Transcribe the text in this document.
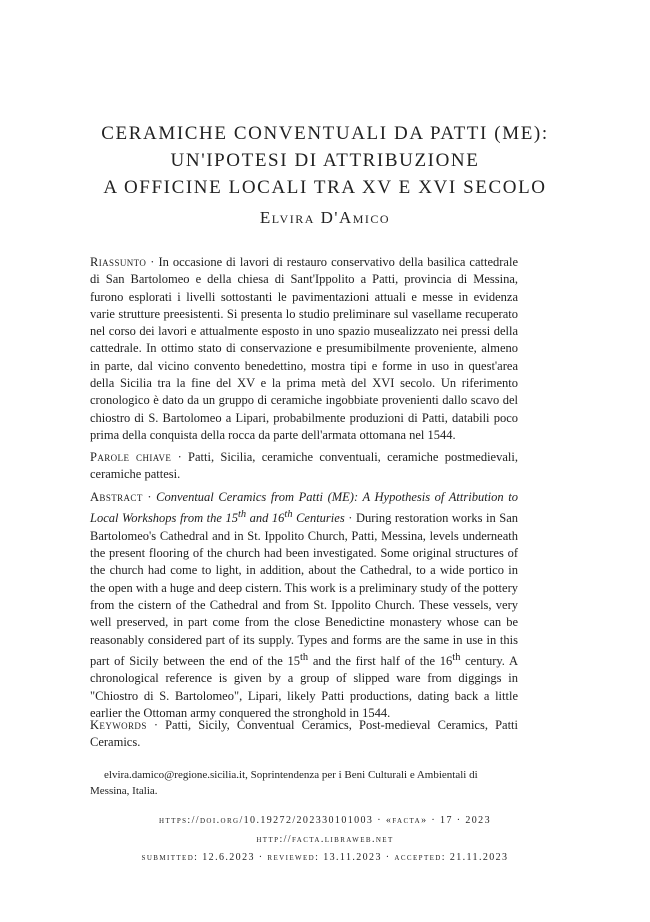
CERAMICHE CONVENTUALI DA PATTI (ME):
UN'IPOTESI DI ATTRIBUZIONE
A OFFICINE LOCALI TRA XV E XVI SECOLO

Elvira D'Amico

Riassunto · In occasione di lavori di restauro conservativo della basilica cattedrale di San Bartolomeo e della chiesa di Sant'Ippolito a Patti, provincia di Messina, furono esplorati i livelli sottostanti le pavimentazioni attuali e messe in evidenza varie strutture preesistenti. Si presenta lo studio preliminare sul vasellame recuperato nel corso dei lavori e attualmente esposto in uno spazio musealizzato nei pressi della cattedrale. In ottimo stato di conservazione e presumibilmente proveniente, almeno in parte, dal vicino convento benedettino, mostra tipi e forme in uso in quest'area della Sicilia tra la fine del XV e la prima metà del XVI secolo. Un riferimento cronologico è dato da un gruppo di ceramiche ingobbiate provenienti dallo scavo del chiostro di S. Bartolomeo a Lipari, probabilmente produzioni di Patti, databili poco prima della conquista della rocca da parte dell'armata ottomana nel 1544.

Parole chiave · Patti, Sicilia, ceramiche conventuali, ceramiche postmedievali, ceramiche pattesi.

Abstract · Conventual Ceramics from Patti (ME): A Hypothesis of Attribution to Local Workshops from the 15th and 16th Centuries · During restoration works in San Bartolomeo's Cathedral and in St. Ippolito Church, Patti, Messina, levels underneath the present flooring of the church had been investigated. Some original structures of the church had come to light, in addition, about the Cathedral, to a wide portico in the open with a huge and deep cistern. This work is a preliminary study of the pottery from the cistern of the Cathedral and from St. Ippolito Church. These vessels, very well preserved, in part come from the close Benedictine monastery whose can be reasonably considered part of its supply. Types and forms are the same in use in this part of Sicily between the end of the 15th and the first half of the 16th century. A chronological reference is given by a group of slipped ware from diggings in "Chiostro di S. Bartolomeo", Lipari, likely Patti productions, dating back a little earlier the Ottoman army conquered the stronghold in 1544.

Keywords · Patti, Sicily, Conventual Ceramics, Post-medieval Ceramics, Patti Ceramics.

elvira.damico@regione.sicilia.it, Soprintendenza per i Beni Culturali e Ambientali di
Messina, Italia.
https://doi.org/10.19272/202330101003 · «facta» · 17 · 2023
http://facta.libraweb.net
submitted: 12.6.2023 · reviewed: 13.11.2023 · accepted: 21.11.2023
